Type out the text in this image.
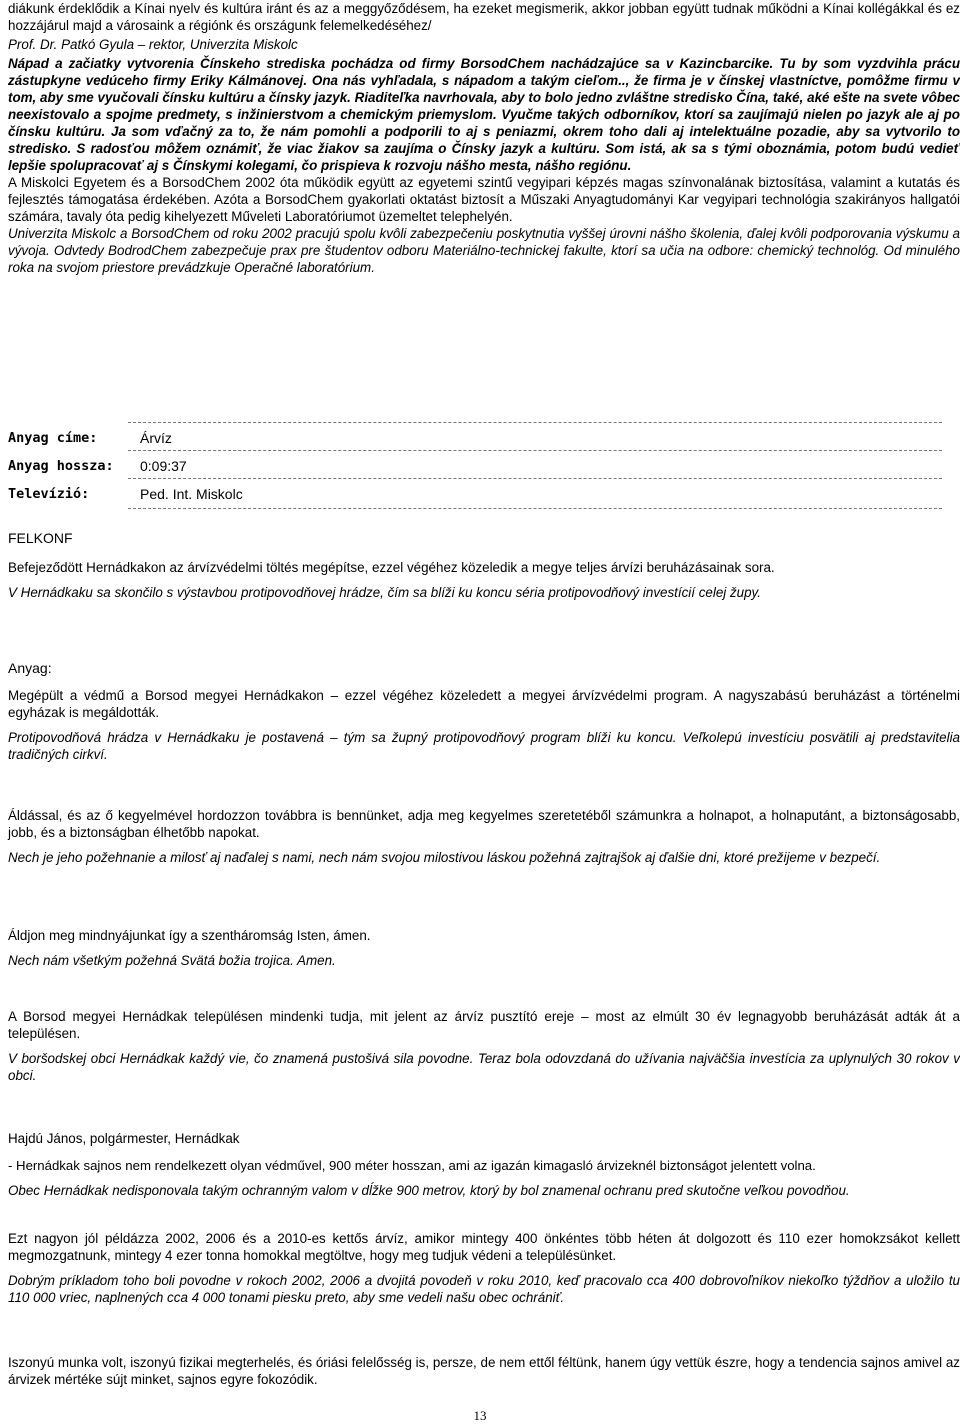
diákunk érdeklődik a Kínai nyelv és kultúra iránt és az a meggyőződésem, ha ezeket megismerik, akkor jobban együtt tudnak működni a Kínai kollégákkal és ez hozzájárul majd a városaink a régiónk és országunk felemelkedéséhez/

Prof. Dr. Patkó Gyula – rektor, Univerzita Miskolc

Nápad a začiatky vytvorenia Čínskeho strediska pochádza od firmy BorsodChem nachádzajúce sa v Kazincbarcike. Tu by som vyzdvihla prácu zástupkyne vedúceho firmy Eriky Kálmánovej. Ona nás vyhľadala, s nápadom a takým cieľom.., že firma je v čínskej vlastníctve, pomôžme firmu v tom, aby sme vyučovali čínsku kultúru a čínsky jazyk. Riaditeľka navrhovala, aby to bolo jedno zvláštne stredisko Čína, také, aké ešte na svete vôbec neexistovalo a spojme predmety, s inžinierstvom a chemickým priemyslom. Vyučme takých odborníkov, ktorí sa zaujímajú nielen po jazyk ale aj po čínsku kultúru. Ja som vďačný za to, že nám pomohli a podporili to aj s peniazmi, okrem toho dali aj intelektuálne pozadie, aby sa vytvorilo to stredisko. S radosťou môžem oznámiť, že viac žiakov sa zaujíma o Čínsky jazyk a kultúru. Som istá, ak sa s tými oboznámia, potom budú vedieť lepšie spolupracovať aj s Čínskymi kolegami, čo prispieva k rozvoju nášho mesta, nášho regiónu.

A Miskolci Egyetem és a BorsodChem 2002 óta működik együtt az egyetemi szintű vegyipari képzés magas színvonalának biztosítása, valamint a kutatás és fejlesztés támogatása érdekében. Azóta a BorsodChem gyakorlati oktatást biztosít a Műszaki Anyagtudományi Kar vegyipari technológia szakirányos hallgatói számára, tavaly óta pedig kihelyezett Műveleti Laboratóriumot üzemeltet telephelyén.

Univerzita Miskolc a BorsodChem od roku 2002 pracujú spolu kvôli zabezpečeniu poskytnutia vyššej úrovni nášho školenia, ďalej kvôli podporovania výskumu a vývoja. Odvtedy BodrodChem zabezpečuje prax pre študentov odboru Materiálno-technickej fakulte, ktorí sa učia na odbore: chemický technológ. Od minulého roka na svojom priestore prevádzkuje Operačné laboratórium.

Anyag címe:	Árvíz
Anyag hossza: 0:09:37
Televízió:	Ped. Int. Miskolc

FELKONF

Befejeződött Hernádkakon az árvízvédelmi töltés megépítse, ezzel végéhez közeledik a megye teljes árvízi beruházásainak sora.

V Hernádkaku sa skončilo s výstavbou protipovodňovej hrádze, čím sa blíži ku koncu séria protipovodňový investícií celej župy.

Anyag:

Megépült a védmű a Borsod megyei Hernádkakon – ezzel végéhez közeledett a megyei árvízvédelmi program. A nagyszabású beruházást a történelmi egyházak is megáldották.

Protipovodňová hrádza v Hernádkaku je postavená – tým sa župný protipovodňový program blíži ku koncu. Veľkolepú investíciu posvätili aj predstavitelia tradičných cirkví.

Áldással, és az ő kegyelmével hordozzon továbbra is bennünket, adja meg kegyelmes szeretetéből számunkra a holnapot, a holnaputánt, a biztonságosabb, jobb, és a biztonságban élhetőbb napokat.

Nech je jeho požehnanie a milosť aj naďalej s nami, nech nám svojou milostivou láskou požehná zajtrajšok aj ďalšie dni, ktoré prežijeme v bezpečí.

Áldjon meg mindnyájunkat így a szentháromság Isten, ámen.

Nech nám všetkým požehná Svätá božia trojica. Amen.

A Borsod megyei Hernádkak településen mindenki tudja, mit jelent az árvíz pusztító ereje – most az elmúlt 30 év legnagyobb beruházását adták át a településen.

V boršodskej obci Hernádkak každý vie, čo znamená pustošivá sila povodne. Teraz bola odovzdaná do užívania najväčšia investícia za uplynulých 30 rokov v obci.

Hajdú János, polgármester, Hernádkak

- Hernádkak sajnos nem rendelkezett olyan védművel, 900 méter hosszan, ami az igazán kimagasló árvizeknél biztonságot jelentett volna.

Obec Hernádkak nedisponovala takým ochranným valom v dĺžke 900 metrov, ktorý by bol znamenal ochranu pred skutočne veľkou povodňou.

Ezt nagyon jól példázza 2002, 2006 és a 2010-es kettős árvíz, amikor mintegy 400 önkéntes több héten át dolgozott és 110 ezer homokzsákot kellett megmozgatnunk, mintegy 4 ezer tonna homokkal megtöltve, hogy meg tudjuk védeni a településünket.

Dobrým príkladom toho boli povodne v rokoch 2002, 2006 a dvojitá povodeň v roku 2010, keď pracovalo cca 400 dobrovoľníkov niekoľko týždňov a uložilo tu 110 000 vriec, naplnených cca 4 000 tonami piesku preto, aby sme vedeli našu obec ochrániť.

Iszonyú munka volt, iszonyú fizikai megterhelés, és óriási felelősség is, persze, de nem ettől féltünk, hanem úgy vettük észre, hogy a tendencia sajnos amivel az árvizek mértéke sújt minket, sajnos egyre fokozódik.

13
